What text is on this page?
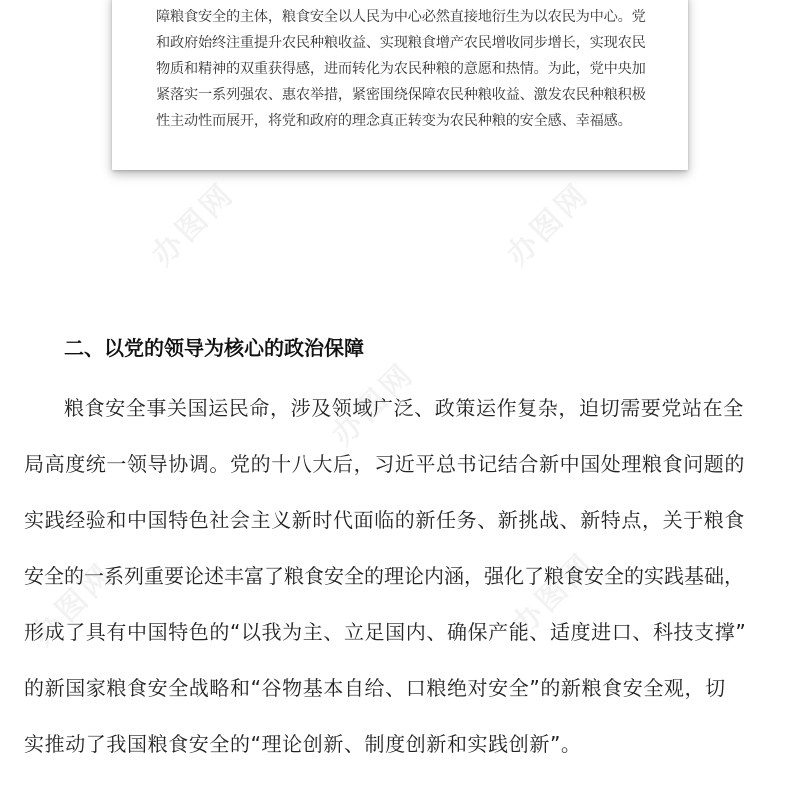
办图网	办图网
办图网
办图网
办图网
障粮食安全的主体，粮食安全以人民为中心必然直接地衍生为以农民为中心。党
和政府始终注重提升农民种粮收益、实现粮食增产农民增收同步增长，实现农民
物质和精神的双重获得感，进而转化为农民种粮的意愿和热情。为此，党中央加
紧落实一系列强农、惠农举措，紧密围绕保障农民种粮收益、激发农民种粮积极
性主动性而展开，将党和政府的理念真正转变为农民种粮的安全感、幸福感。
二、以党的领导为核心的政治保障
粮食安全事关国运民命，涉及领域广泛、政策运作复杂，迫切需要党站在全
局高度统一领导协调。党的十八大后，习近平总书记结合新中国处理粮食问题的
实践经验和中国特色社会主义新时代面临的新任务、新挑战、新特点，关于粮食
安全的一系列重要论述丰富了粮食安全的理论内涵，强化了粮食安全的实践基础，
形成了具有中国特色的“以我为主、立足国内、确保产能、适度进口、科技支撑”
的新国家粮食安全战略和“谷物基本自给、口粮绝对安全”的新粮食安全观，切
实推动了我国粮食安全的“理论创新、制度创新和实践创新”。
